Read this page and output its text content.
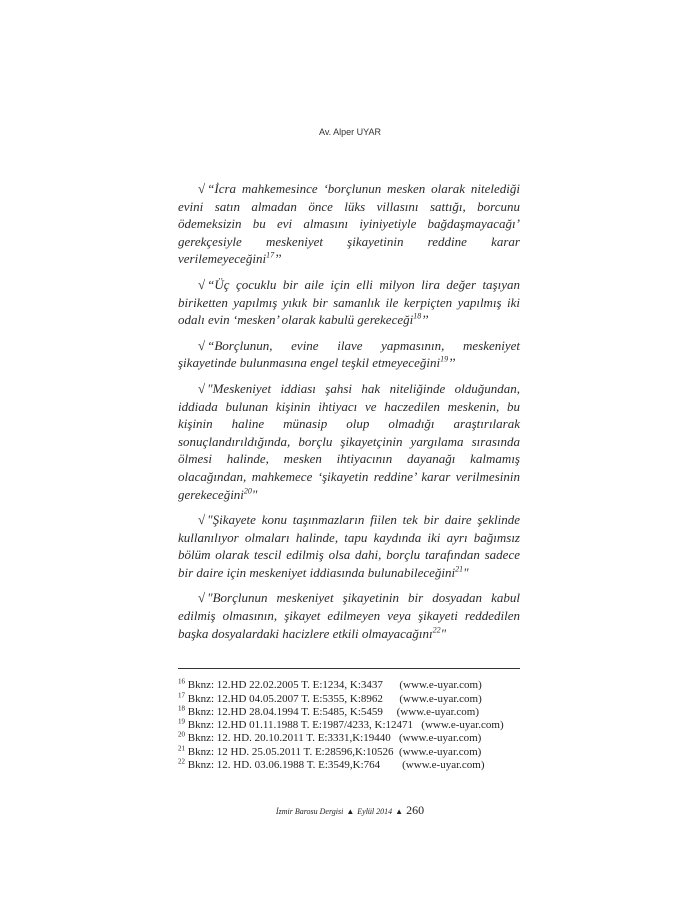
Av. Alper UYAR

√ “İcra mahkemesince ‘borçlunun mesken olarak nitelediği evini satın almadan önce lüks villasını sattığı, borcunu ödemeksizin bu evi almasını iyiniyetiyle bağdaşmayacağı’ gerekçesiyle meskeniyet şikayetinin reddine karar verilemeyeceğini$^{17}$’’

√ “Üç çocuklu bir aile için elli milyon lira değer taşıyan biriketten yapılmış yıkık bir samanlık ile kerpiçten yapılmış iki odalı evin ‘mesken’ olarak kabulü gerekeceği$^{18}$’’

√ “Borçlunun, evine ilave yapmasının, meskeniyet şikayetinde bulunmasına engel teşkil etmeyeceğini$^{19}$’’

√ "Meskeniyet iddiası şahsi hak niteliğinde olduğundan, iddiada bulunan kişinin ihtiyacı ve haczedilen meskenin, bu kişinin haline münasip olup olmadığı araştırılarak sonuçlandırıldığında, borçlu şikayetçinin yargılama sırasında ölmesi halinde, mesken ihtiyacının dayanağı kalmamış olacağından, mahkemece ‘şikayetin reddine’ karar verilmesinin gerekeceğini$^{20}$"

√ "Şikayete konu taşınmazların fiilen tek bir daire şeklinde kullanılıyor olmaları halinde, tapu kaydında iki ayrı bağımsız bölüm olarak tescil edilmiş olsa dahi, borçlu tarafından sadece bir daire için meskeniyet iddiasında bulunabileceğini$^{21}$"

√ "Borçlunun meskeniyet şikayetinin bir dosyadan kabul edilmiş olmasının, şikayet edilmeyen veya şikayeti reddedilen başka dosyalardaki hacizlere etkili olmayacağını$^{22}$"

$^{16}$ Bknz: 12.HD 22.02.2005 T. E:1234, K:3437      (www.e-uyar.com)
$^{17}$ Bknz: 12.HD 04.05.2007 T. E:5355, K:8962      (www.e-uyar.com)
$^{18}$ Bknz: 12.HD 28.04.1994 T. E:5485, K:5459     (www.e-uyar.com)
$^{19}$ Bknz: 12.HD 01.11.1988 T. E:1987/4233, K:12471   (www.e-uyar.com)
$^{20}$ Bknz: 12. HD. 20.10.2011 T. E:3331,K:19440   (www.e-uyar.com)
$^{21}$ Bknz: 12 HD. 25.05.2011 T. E:28596,K:10526  (www.e-uyar.com)
$^{22}$ Bknz: 12. HD. 03.06.1988 T. E:3549,K:764        (www.e-uyar.com)
İzmir Barosu Dergisi ▲ Eylül 2014 ▲ 260
